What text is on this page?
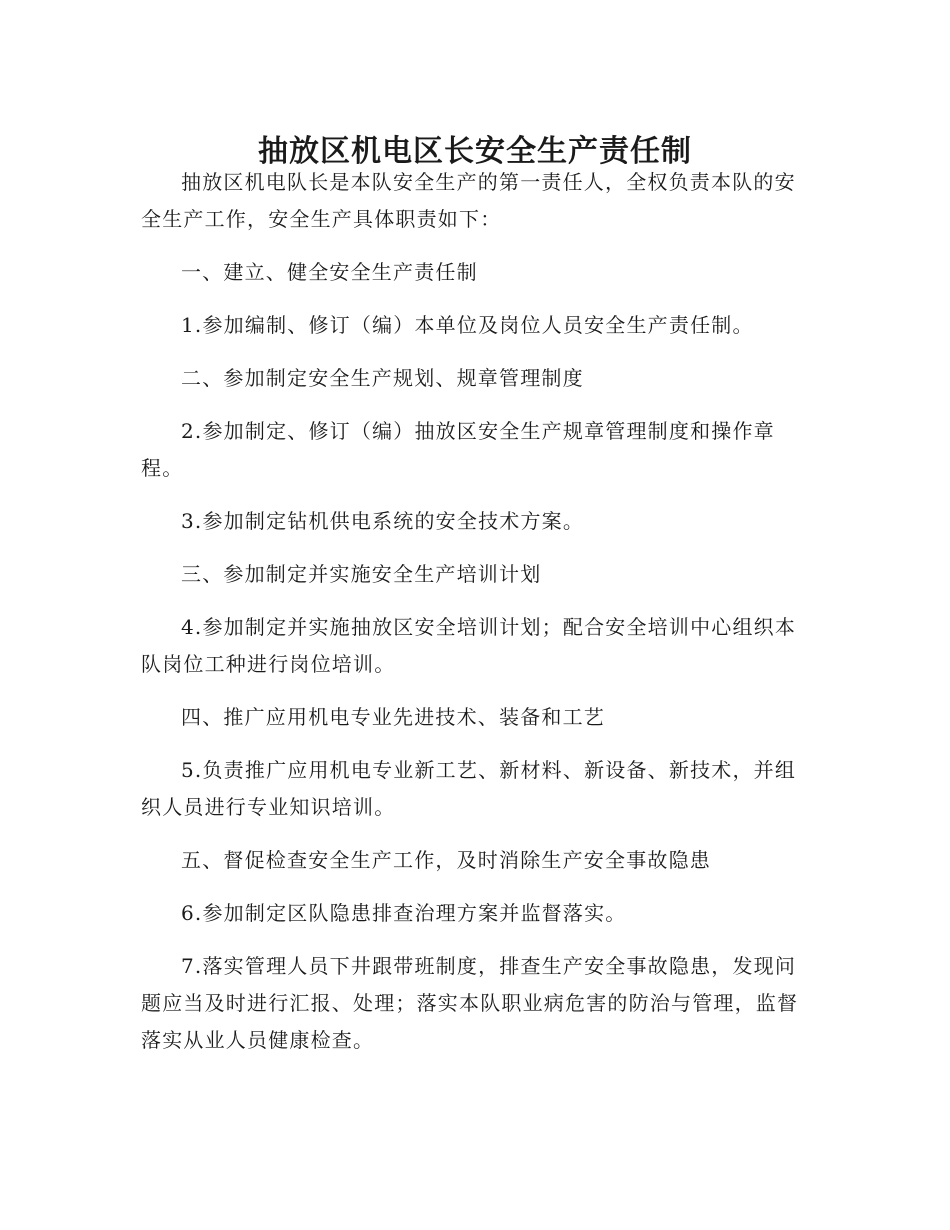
抽放区机电区长安全生产责任制

抽放区机电队长是本队安全生产的第一责任人，全权负责本队的安全生产工作，安全生产具体职责如下：

一、建立、健全安全生产责任制

1.参加编制、修订（编）本单位及岗位人员安全生产责任制。

二、参加制定安全生产规划、规章管理制度

2.参加制定、修订（编）抽放区安全生产规章管理制度和操作章程。

3.参加制定钻机供电系统的安全技术方案。

三、参加制定并实施安全生产培训计划

4.参加制定并实施抽放区安全培训计划；配合安全培训中心组织本队岗位工种进行岗位培训。

四、推广应用机电专业先进技术、装备和工艺

5.负责推广应用机电专业新工艺、新材料、新设备、新技术，并组织人员进行专业知识培训。

五、督促检查安全生产工作，及时消除生产安全事故隐患

6.参加制定区队隐患排查治理方案并监督落实。

7.落实管理人员下井跟带班制度，排查生产安全事故隐患，发现问题应当及时进行汇报、处理；落实本队职业病危害的防治与管理，监督落实从业人员健康检查。
